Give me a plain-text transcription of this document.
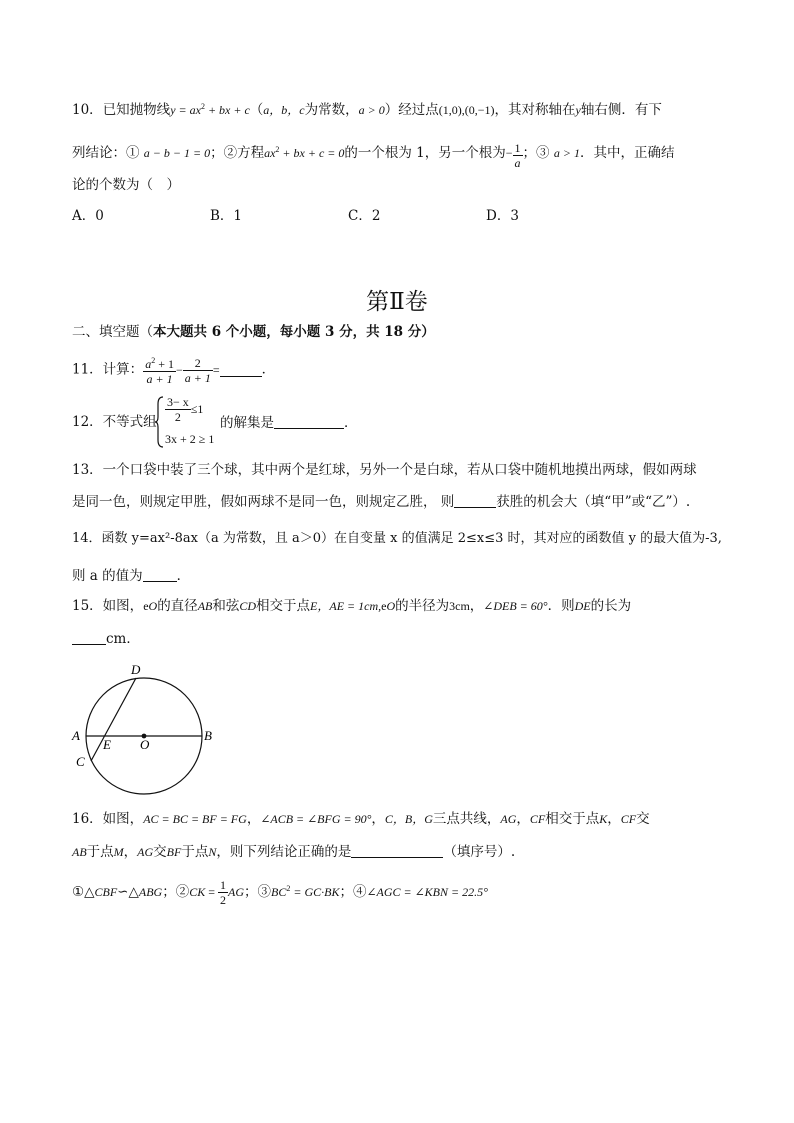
10．已知抛物线$y = ax^2$ + bx + c（a，b，c为常数，a > 0）经过点(1,0),(0,−1)，其对称轴在y轴右侧．有下
列结论：① a − b − 1 = 0；②方程$ax^2$ + bx + c = 0的一个根为 1，另一个根为− $\frac{1}{a}$ ；③ a > 1．其中，正确结
论的个数为（　）
A．0	B．1	C．2	D．3
第Ⅱ卷
二、填空题（本大题共 6 个小题，每小题 3 分，共 18 分）
11．计算： $\frac{a^2 + 1}{a + 1} - \frac{2}{a + 1}$ =	．
12．不等式组 $\frac{3- x}{2} \le 1$
3x + 2 ≥ 1
的解集是	．
13．一个口袋中装了三个球，其中两个是红球，另外一个是白球，若从口袋中随机地摸出两球，假如两球
是同一色，则规定甲胜，假如两球不是同一色，则规定乙胜， 则	获胜的机会大（填“甲”或“乙”）.
14．函数 y=ax²-8ax（a 为常数，且 a＞0）在自变量 x 的值满足 2≤x≤3 时，其对应的函数值 y 的最大值为-3,
则 a 的值为	．
15．如图，eO的直径AB和弦CD相交于点E，AE = 1cm,eO的半径为3cm，∠DEB = 60°．则DE的长为
cm．
D
A
E O
B
C
16．如图，AC = BC = BF = FG，∠ACB = ∠BFG = 90°，C，B，G三点共线，AG，CF相交于点K，CF交
AB于点M，AG交BF于点N，则下列结论正确的是	（填序号）.
①△CBF∽△ABG；②CK = $\frac{1}{2}$ AG；$③BC^2 = GC\cdot BK$；④∠AGC = ∠KBN = 22.5°
